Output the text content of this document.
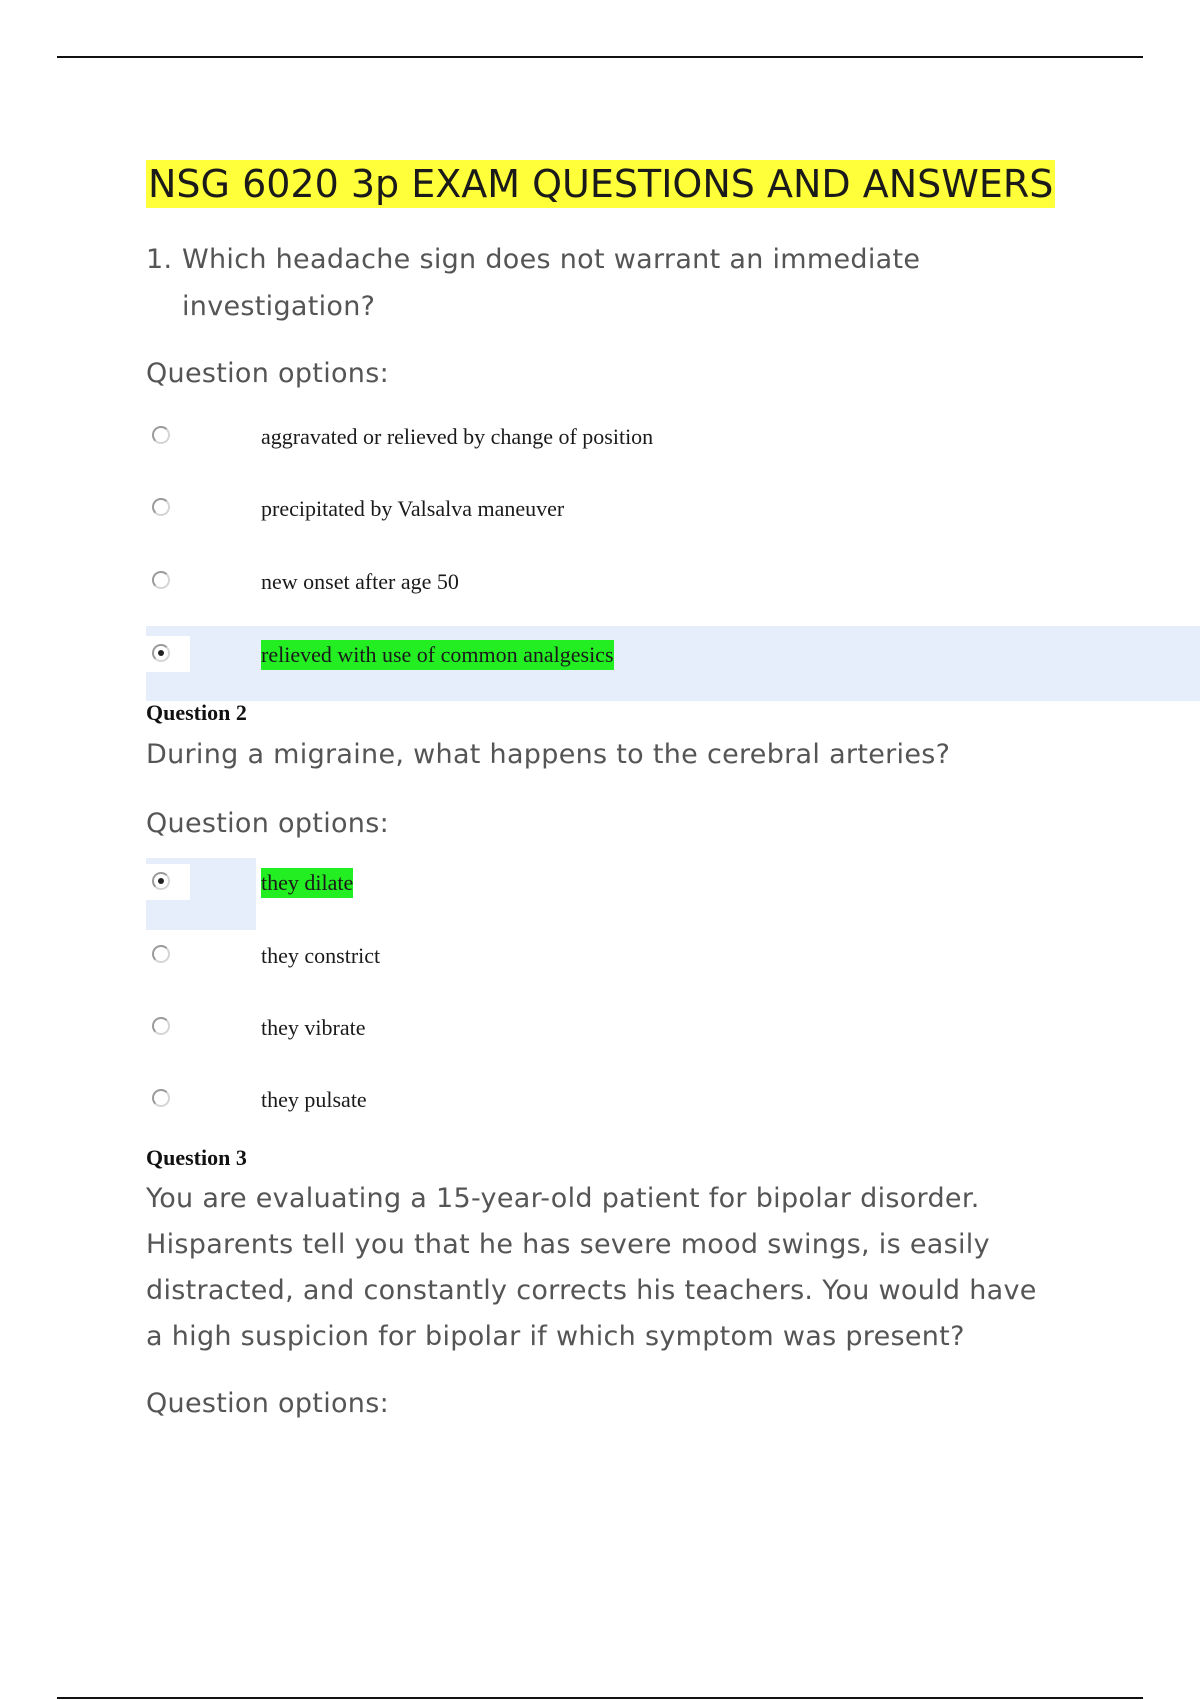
NSG 6020 3p EXAM QUESTIONS AND ANSWERS
1. Which headache sign does not warrant an immediate investigation?
Question options:
aggravated or relieved by change of position
precipitated by Valsalva maneuver
new onset after age 50
relieved with use of common analgesics
Question 2
During a migraine, what happens to the cerebral arteries?
Question options:
they dilate
they constrict
they vibrate
they pulsate
Question 3
You are evaluating a 15-year-old patient for bipolar disorder.
Hisparents tell you that he has severe mood swings, is easily
distracted, and constantly corrects his teachers. You would have
a high suspicion for bipolar if which symptom was present?
Question options:
